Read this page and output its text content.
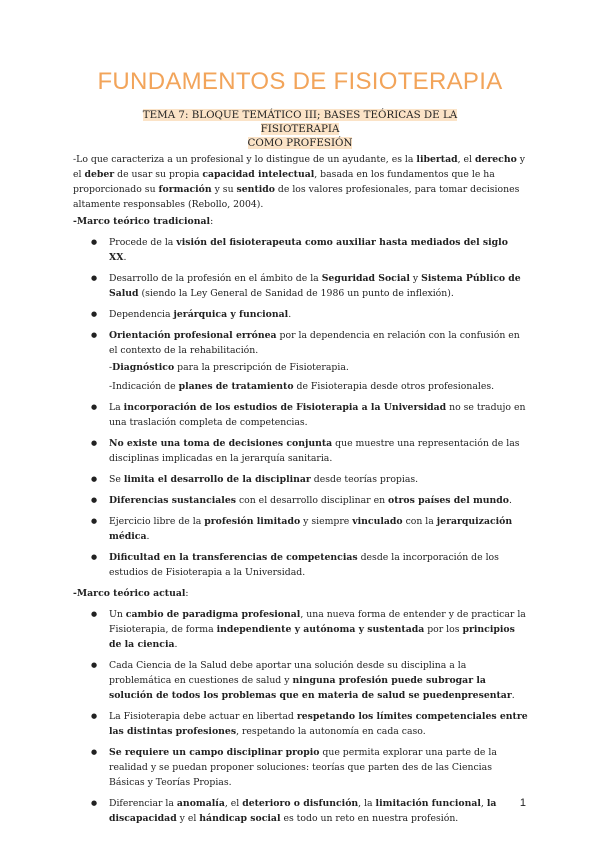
FUNDAMENTOS DE FISIOTERAPIA
TEMA 7: BLOQUE TEMÁTICO III; BASES TEÓRICAS DE LA FISIOTERAPIA
COMO PROFESIÓN

-Lo que caracteriza a un profesional y lo distingue de un ayudante, es la libertad, el derecho y el deber de usar su propia capacidad intelectual, basada en los fundamentos que le ha proporcionado su formación y su sentido de los valores profesionales, para tomar decisiones altamente responsables (Rebollo, 2004).

-Marco teórico tradicional:

● Procede de la visión del fisioterapeuta como auxiliar hasta mediados del siglo XX.
● Desarrollo de la profesión en el ámbito de la Seguridad Social y Sistema Público de Salud (siendo la Ley General de Sanidad de 1986 un punto de inflexión).
● Dependencia jerárquica y funcional.
● Orientación profesional errónea por la dependencia en relación con la confusión en el contexto de la rehabilitación.

-Diagnóstico para la prescripción de Fisioterapia.

-Indicación de planes de tratamiento de Fisioterapia desde otros profesionales.

● La incorporación de los estudios de Fisioterapia a la Universidad no se tradujo en una traslación completa de competencias.
● No existe una toma de decisiones conjunta que muestre una representación de las disciplinas implicadas en la jerarquía sanitaria.
● Se limita el desarrollo de la disciplinar desde teorías propias.
● Diferencias sustanciales con el desarrollo disciplinar en otros países del mundo.
● Ejercicio libre de la profesión limitado y siempre vinculado con la jerarquización médica.
● Dificultad en la transferencias de competencias desde la incorporación de los estudios de Fisioterapia a la Universidad.

-Marco teórico actual:

● Un cambio de paradigma profesional, una nueva forma de entender y de practicar la Fisioterapia, de forma independiente y autónoma y sustentada por los principios de la ciencia.
● Cada Ciencia de la Salud debe aportar una solución desde su disciplina a la problemática en cuestiones de salud y ninguna profesión puede subrogar la solución de todos los problemas que en materia de salud se puedenpresentar.
● La Fisioterapia debe actuar en libertad respetando los límites competenciales entre las distintas profesiones, respetando la autonomía en cada caso.
● Se requiere un campo disciplinar propio que permita explorar una parte de la realidad y se puedan proponer soluciones: teorías que parten des de las Ciencias Básicas y Teorías Propias.
● Diferenciar la anomalía, el deterioro o disfunción, la limitación funcional, la discapacidad y el hándicap social es todo un reto en nuestra profesión.
1
